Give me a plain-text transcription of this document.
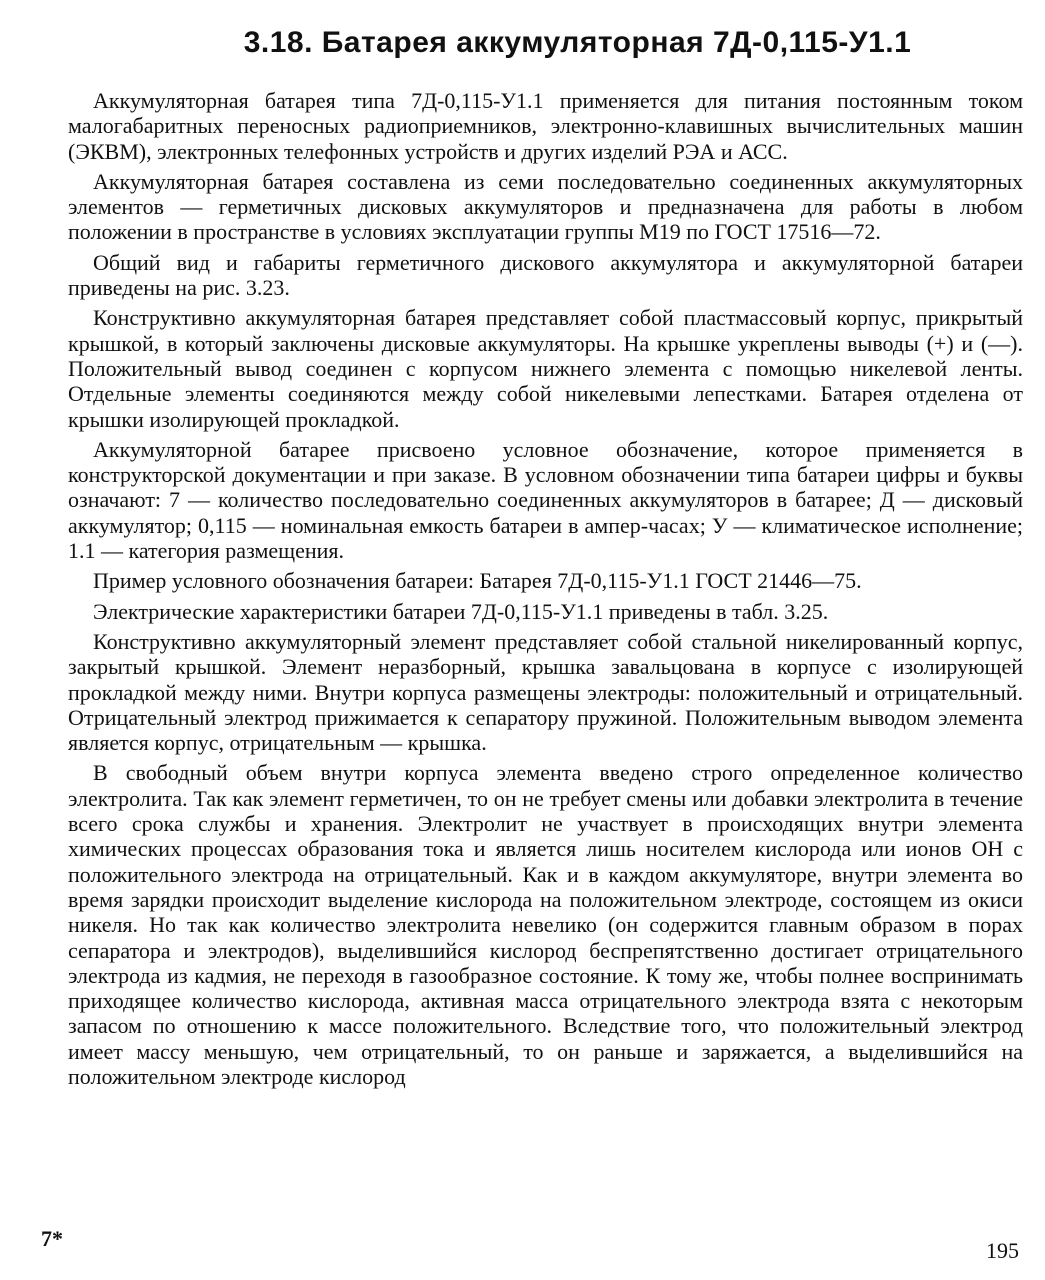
3.18. Батарея аккумуляторная 7Д-0,115-У1.1

Аккумуляторная батарея типа 7Д-0,115-У1.1 применяется для питания постоянным током малогабаритных переносных радиоприемников, электронно-клавишных вычислительных машин (ЭКВМ), электронных телефонных устройств и других изделий РЭА и АСС.

Аккумуляторная батарея составлена из семи последовательно соединенных аккумуляторных элементов — герметичных дисковых аккумуляторов и предназначена для работы в любом положении в пространстве в условиях эксплуатации группы М19 по ГОСТ 17516—72.

Общий вид и габариты герметичного дискового аккумулятора и аккумуляторной батареи приведены на рис. 3.23.

Конструктивно аккумуляторная батарея представляет собой пластмассовый корпус, прикрытый крышкой, в который заключены дисковые аккумуляторы. На крышке укреплены выводы (+) и (—). Положительный вывод соединен с корпусом нижнего элемента с помощью никелевой ленты. Отдельные элементы соединяются между собой никелевыми лепестками. Батарея отделена от крышки изолирующей прокладкой.

Аккумуляторной батарее присвоено условное обозначение, которое применяется в конструкторской документации и при заказе. В условном обозначении типа батареи цифры и буквы означают: 7 — количество последовательно соединенных аккумуляторов в батарее; Д — дисковый аккумулятор; 0,115 — номинальная емкость батареи в ампер-часах; У — климатическое исполнение; 1.1 — категория размещения.

Пример условного обозначения батареи: Батарея 7Д-0,115-У1.1 ГОСТ 21446—75.

Электрические характеристики батареи 7Д-0,115-У1.1 приведены в табл. 3.25.

Конструктивно аккумуляторный элемент представляет собой стальной никелированный корпус, закрытый крышкой. Элемент неразборный, крышка завальцована в корпусе с изолирующей прокладкой между ними. Внутри корпуса размещены электроды: положительный и отрицательный. Отрицательный электрод прижимается к сепаратору пружиной. Положительным выводом элемента является корпус, отрицательным — крышка.

В свободный объем внутри корпуса элемента введено строго определенное количество электролита. Так как элемент герметичен, то он не требует смены или добавки электролита в течение всего срока службы и хранения. Электролит не участвует в происходящих внутри элемента химических процессах образования тока и является лишь носителем кислорода или ионов ОН с положительного электрода на отрицательный. Как и в каждом аккумуляторе, внутри элемента во время зарядки происходит выделение кислорода на положительном электроде, состоящем из окиси никеля. Но так как количество электролита невелико (он содержится главным образом в порах сепаратора и электродов), выделившийся кислород беспрепятственно достигает отрицательного электрода из кадмия, не переходя в газообразное состояние. К тому же, чтобы полнее воспринимать приходящее количество кислорода, активная масса отрицательного электрода взята с некоторым запасом по отношению к массе положительного. Вследствие того, что положительный электрод имеет массу меньшую, чем отрицательный, то он раньше и заряжается, а выделившийся на положительном электроде кислород

7*	195
